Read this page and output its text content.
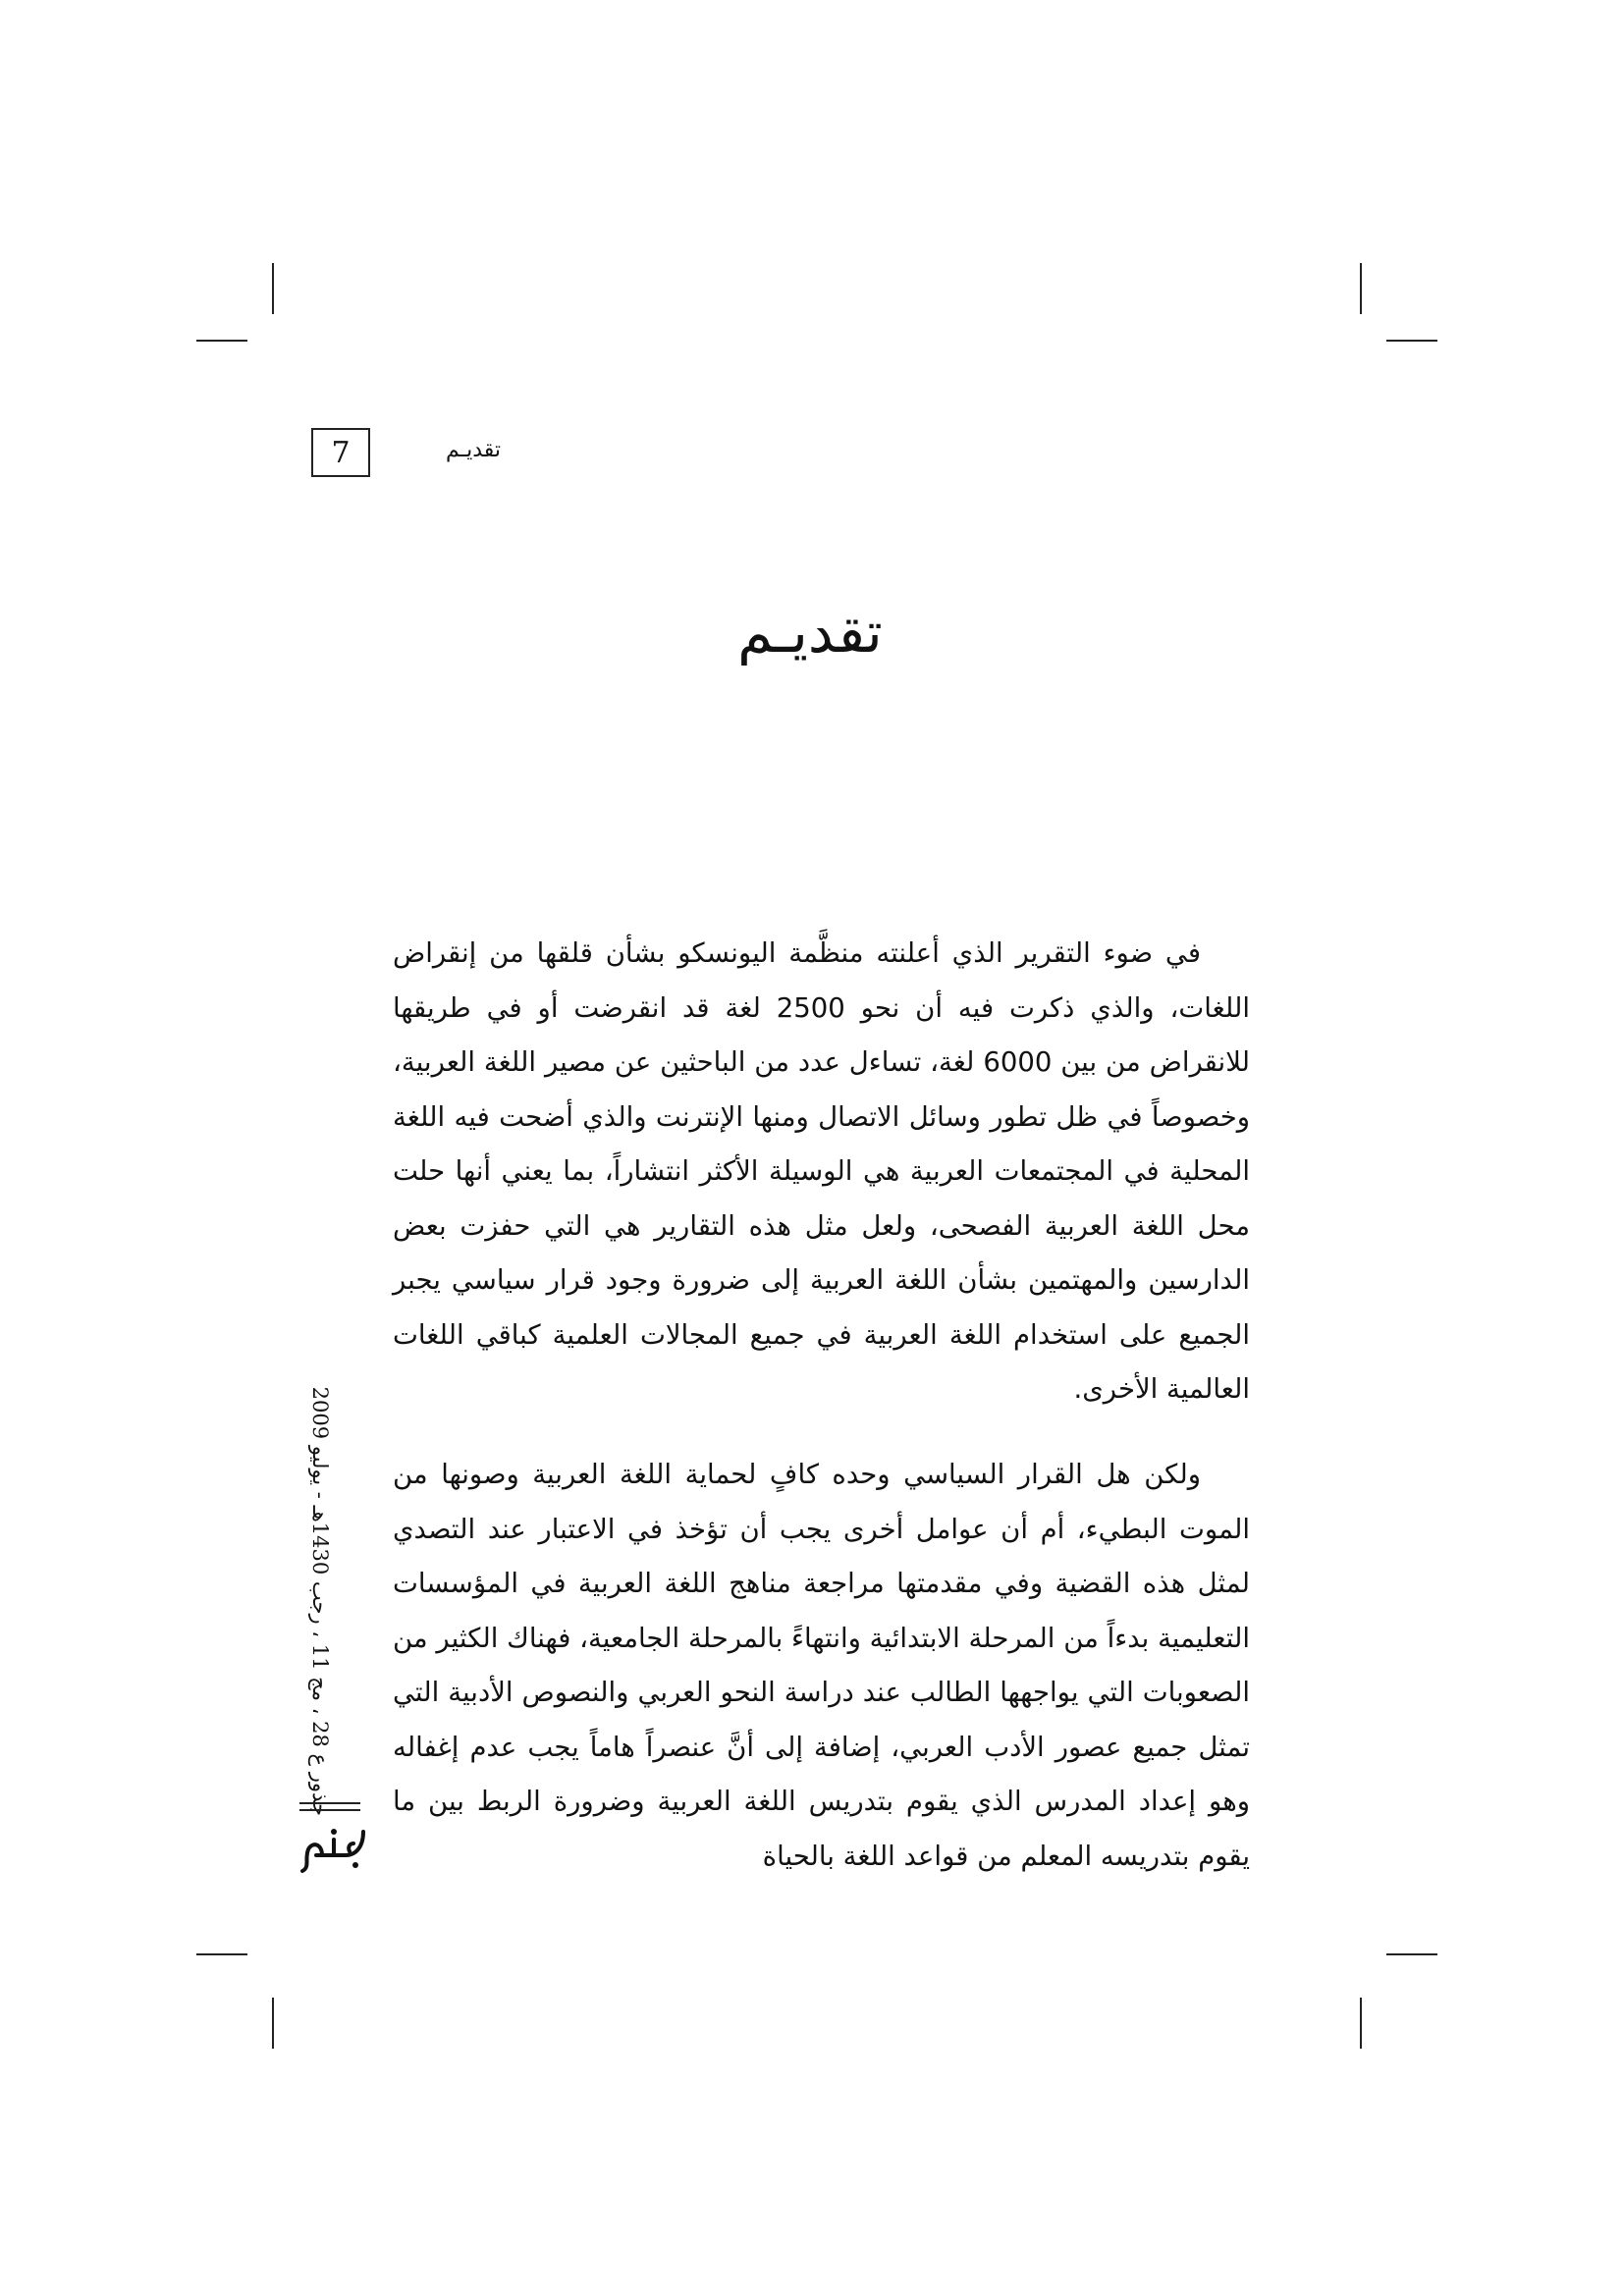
7	تقديـم
تقديـم

في ضوء التقرير الذي أعلنته منظَّمة اليونسكو بشأن قلقها من إنقراض اللغات، والذي ذكرت فيه أن نحو 2500 لغة قد انقرضت أو في طريقها للانقراض من بين 6000 لغة، تساءل عدد من الباحثين عن مصير اللغة العربية، وخصوصاً في ظل تطور وسائل الاتصال ومنها الإنترنت والذي أضحت فيه اللغة المحلية في المجتمعات العربية هي الوسيلة الأكثر انتشاراً، بما يعني أنها حلت محل اللغة العربية الفصحى، ولعل مثل هذه التقارير هي التي حفزت بعض الدارسين والمهتمين بشأن اللغة العربية إلى ضرورة وجود قرار سياسي يجبر الجميع على استخدام اللغة العربية في جميع المجالات العلمية كباقي اللغات العالمية الأخرى.

ولكن هل القرار السياسي وحده كافٍ لحماية اللغة العربية وصونها من الموت البطيء، أم أن عوامل أخرى يجب أن تؤخذ في الاعتبار عند التصدي لمثل هذه القضية وفي مقدمتها مراجعة مناهج اللغة العربية في المؤسسات التعليمية بدءاً من المرحلة الابتدائية وانتهاءً بالمرحلة الجامعية، فهناك الكثير من الصعوبات التي يواجهها الطالب عند دراسة النحو العربي والنصوص الأدبية التي تمثل جميع عصور الأدب العربي، إضافة إلى أنَّ عنصراً هاماً يجب عدم إغفاله وهو إعداد المدرس الذي يقوم بتدريس اللغة العربية وضرورة الربط بين ما يقوم بتدريسه المعلم من قواعد اللغة بالحياة

جذور ع 28 ، مج 11 ، رجب 1430هـ - يوليو 2009
